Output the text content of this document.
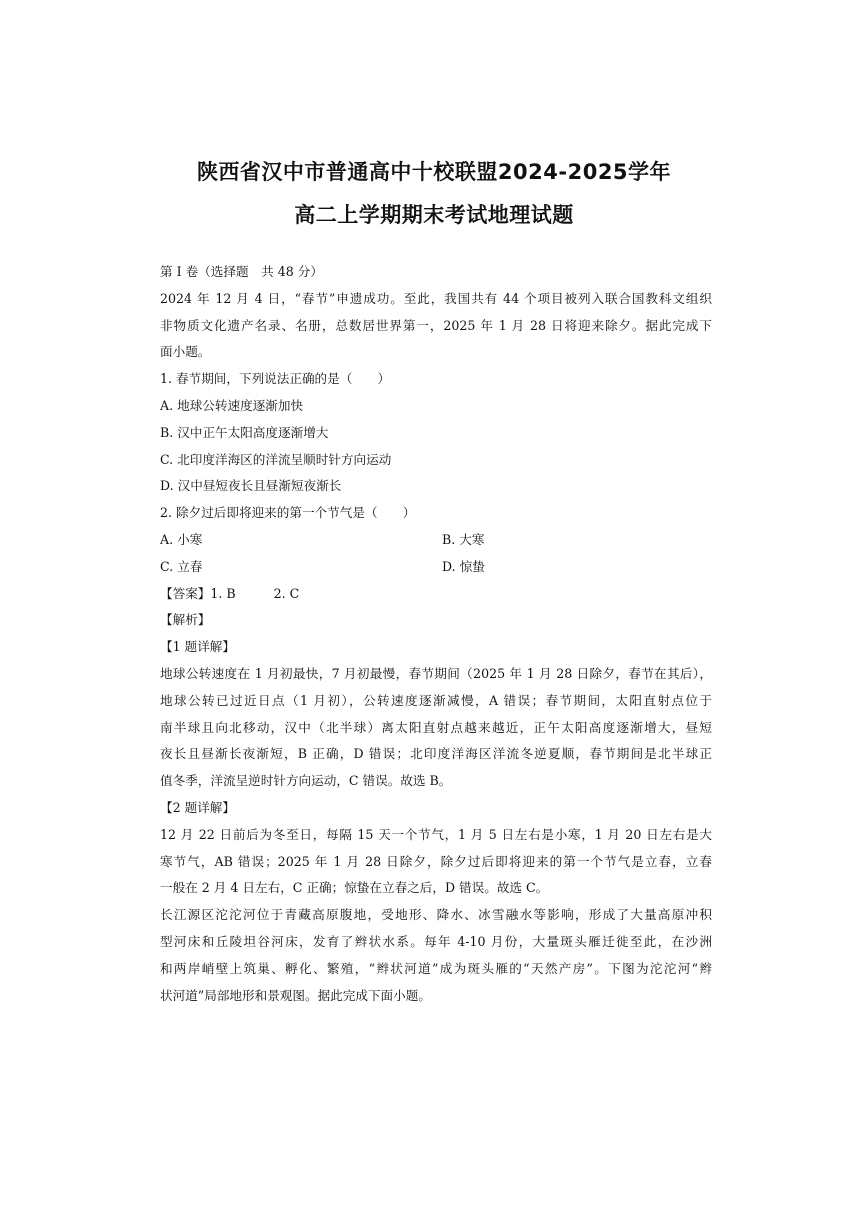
陕西省汉中市普通高中十校联盟2024-2025学年
高二上学期期末考试地理试题
第 I 卷（选择题　共 48 分）
2024 年 12 月 4 日，“春节”申遗成功。至此，我国共有 44 个项目被列入联合国教科文组织
非物质文化遗产名录、名册，总数居世界第一，2025 年 1 月 28 日将迎来除夕。据此完成下
面小题。
1. 春节期间，下列说法正确的是（　　）
A. 地球公转速度逐渐加快
B. 汉中正午太阳高度逐渐增大
C. 北印度洋海区的洋流呈顺时针方向运动
D. 汉中昼短夜长且昼渐短夜渐长
2. 除夕过后即将迎来的第一个节气是（　　）
A. 小寒	B. 大寒
C. 立春	D. 惊蛰
【答案】1. B	2. C
【解析】
【1 题详解】
地球公转速度在 1 月初最快，7 月初最慢，春节期间（2025 年 1 月 28 日除夕，春节在其后），
地球公转已过近日点（1 月初），公转速度逐渐减慢，A 错误；春节期间，太阳直射点位于
南半球且向北移动，汉中（北半球）离太阳直射点越来越近，正午太阳高度逐渐增大，昼短
夜长且昼渐长夜渐短，B 正确，D 错误；北印度洋海区洋流冬逆夏顺，春节期间是北半球正
值冬季，洋流呈逆时针方向运动，C 错误。故选 B。
【2 题详解】
12 月 22 日前后为冬至日，每隔 15 天一个节气，1 月 5 日左右是小寒，1 月 20 日左右是大
寒节气，AB 错误；2025 年 1 月 28 日除夕，除夕过后即将迎来的第一个节气是立春，立春
一般在 2 月 4 日左右，C 正确；惊蛰在立春之后，D 错误。故选 C。
长江源区沱沱河位于青藏高原腹地，受地形、降水、冰雪融水等影响，形成了大量高原冲积
型河床和丘陵坦谷河床，发育了辫状水系。每年 4-10 月份，大量斑头雁迁徙至此，在沙洲
和两岸峭壁上筑巢、孵化、繁殖，“辫状河道”成为斑头雁的“天然产房”。下图为沱沱河“辫
状河道”局部地形和景观图。据此完成下面小题。
